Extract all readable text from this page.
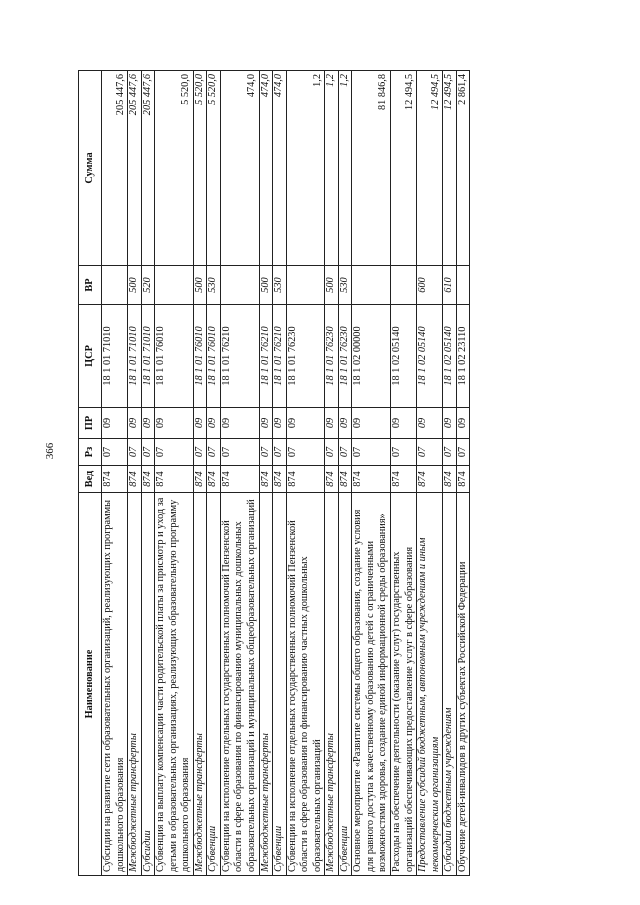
366
Наименование	Вед	Рз	ПР	ЦСР	ВР	Сумма
Субсидии на развитие сети образовательных организаций, реализующих программы дошкольного образования	874	07	09	18 1 01 71010		205 447,6
Межбюджетные трансферты	874	07	09	18 1 01 71010	500	205 447,6
Субсидии	874	07	09	18 1 01 71010	520	205 447,6
Субвенция на выплату компенсации части родительской платы за присмотр и уход за детьми в образовательных организациях, реализующих образовательную программу дошкольного образования	874	07	09	18 1 01 76010		5 520,0
Межбюджетные трансферты	874	07	09	18 1 01 76010	500	5 520,0
Субвенции	874	07	09	18 1 01 76010	530	5 520,0
Субвенции на исполнение отдельных государственных полномочий Пензенской области в сфере образования по финансированию муниципальных дошкольных образовательных организаций и муниципальных общеобразовательных организаций	874	07	09	18 1 01 76210		474,0
Межбюджетные трансферты	874	07	09	18 1 01 76210	500	474,0
Субвенции	874	07	09	18 1 01 76210	530	474,0
Субвенции на исполнение отдельных государственных полномочий Пензенской области в сфере образования по финансированию частных дошкольных образовательных организаций	874	07	09	18 1 01 76230		1,2
Межбюджетные трансферты	874	07	09	18 1 01 76230	500	1,2
Субвенции	874	07	09	18 1 01 76230	530	1,2
Основное мероприятие «Развитие системы общего образования, создание условия для равного доступа к качественному образованию детей с ограниченными возможностями здоровья, создание единой информационной среды образования»	874	07	09	18 1 02 00000		81 846,8
Расходы на обеспечение деятельности (оказание услуг) государственных организаций обеспечивающих предоставление услуг в сфере образования	874	07	09	18 1 02 05140		12 494,5
Предоставление субсидий бюджетным, автономным учреждениям и иным некоммерческим организациям	874	07	09	18 1 02 05140	600	12 494,5
Субсидии бюджетным учреждениям	874	07	09	18 1 02 05140	610	12 494,5
Обучение детей-инвалидов в других субъектах Российской Федерации	874	07	09	18 1 02 23110		2 861,4
